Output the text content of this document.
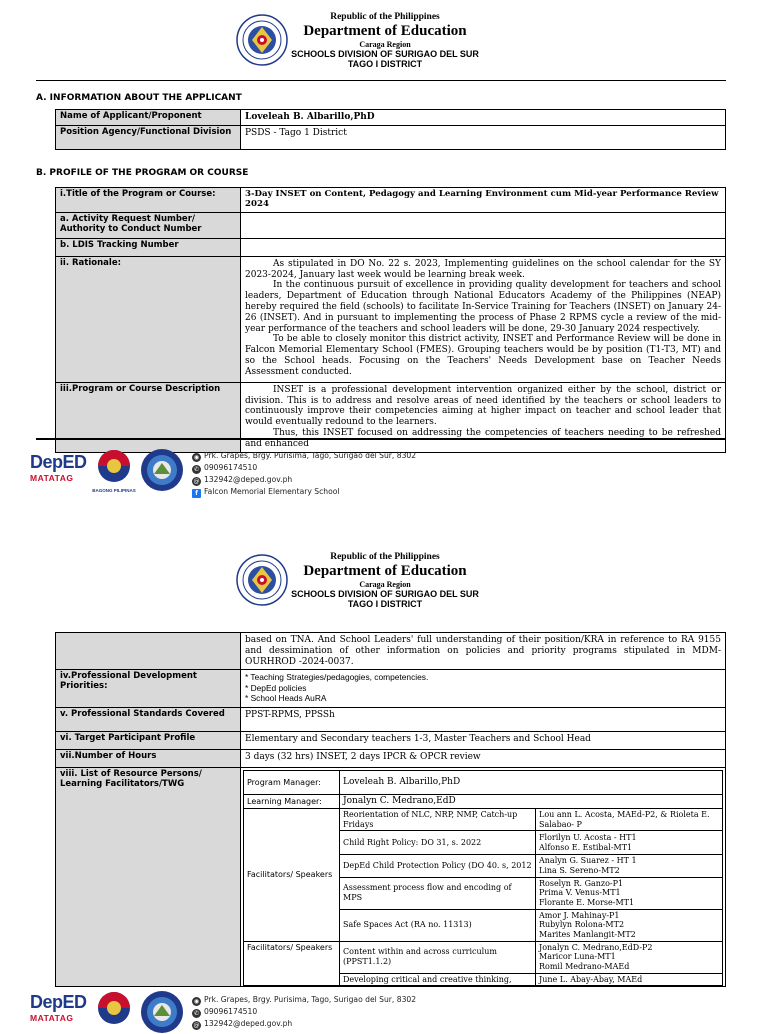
Republic of the Philippines
Department of Education
Caraga Region
SCHOOLS DIVISION OF SURIGAO DEL SUR
TAGO I DISTRICT
A. INFORMATION ABOUT THE APPLICANT
Name of Applicant/Proponent	Loveleah B. Albarillo,PhD
Position Agency/Functional Division	PSDS - Tago 1 District
B. PROFILE OF THE PROGRAM OR COURSE
i.Title of the Program or Course:	3-Day INSET on Content, Pedagogy and Learning Environment cum Mid-year Performance Review 2024
a. Activity Request Number/ Authority to Conduct Number	
b. LDIS Tracking Number	
ii. Rationale:	As stipulated in DO No. 22 s. 2023, Implementing guidelines on the school calendar for the SY 2023-2024, January last week would be learning break week.

In the continuous pursuit of excellence in providing quality development for teachers and school leaders, Department of Education through National Educators Academy of the Philippines (NEAP) hereby required the field (schools) to facilitate In-Service Training for Teachers (INSET) on January 24-26 (INSET). And in pursuant to implementing the process of Phase 2 RPMS cycle a review of the mid-year performance of the teachers and school leaders will be done, 29-30 January 2024 respectively.

To be able to closely monitor this district activity, INSET and Performance Review will be done in Falcon Memorial Elementary School (FMES). Grouping teachers would be by position (T1-T3, MT) and so the School heads. Focusing on the Teachers' Needs Development base on Teacher Needs Assessment conducted.

iii.Program or Course Description	INSET is a professional development intervention organized either by the school, district or division. This is to address and resolve areas of need identified by the teachers or school leaders to continuously improve their competencies aiming at higher impact on teacher and school leader that would eventually redound to the learners.

Thus, this INSET focused on addressing the competencies of teachers needing to be refreshed and enhanced

DepED
MATATAG
BAGONG PILIPINAS
◉ Prk. Grapes, Brgy. Purisima, Tago, Surigao del Sur, 8302
✆ 09096174510
@ 132942@deped.gov.ph
f Falcon Memorial Elementary School
Republic of the Philippines
Department of Education
Caraga Region
SCHOOLS DIVISION OF SURIGAO DEL SUR
TAGO I DISTRICT
	based on TNA. And School Leaders' full understanding of their position/KRA in reference to RA 9155 and dessimination of other information on policies and priority programs stipulated in MDM-OURHROD -2024-0037.
iv.Professional Development Priorities:	
* Teaching Strategies/pedagogies, competencies.
* DepEd policies
* School Heads AuRA

v. Professional Standards Covered	PPST-RPMS, PPSSh
vi. Target Participant Profile	Elementary and Secondary teachers 1-3, Master Teachers and School Head
vii.Number of Hours	3 days (32 hrs) INSET, 2 days IPCR & OPCR review
viii. List of Resource Persons/ Learning Facilitators/TWG		Program Manager:	Loveleah B. Albarillo,PhD
Learning Manager:	Jonalyn C. Medrano,EdD
Facilitators/ Speakers	Reorientation of NLC, NRP, NMP, Catch-up Fridays	Lou ann L. Acosta, MAEd-P2, & Rioleta E. Salabao- P
Child Right Policy: DO 31, s. 2022	Florilyn U. Acosta - HT1
Alfonso E. Estibal-MT1
DepEd Child Protection Policy (DO 40. s, 2012	Analyn G. Suarez - HT 1
Lina S. Sereno-MT2
Assessment process flow and encoding of MPS	Roselyn R. Ganzo-P1
Prima V. Venus-MT1
Florante E. Morse-MT1
Safe Spaces Act (RA no. 11313)	Amor J. Mahinay-P1
Rubylyn Rolona-MT2
Marites Manlangit-MT2
Facilitators/ Speakers	Content within and across curriculum (PPST1.1.2)	Jonalyn C. Medrano,EdD-P2
Maricor Luna-MT1
Romil Medrano-MAEd
Developing critical and creative thinking,	June L. Abay-Abay, MAEd
DepED
MATATAG
◉ Prk. Grapes, Brgy. Purisima, Tago, Surigao del Sur, 8302
✆ 09096174510
@ 132942@deped.gov.ph
